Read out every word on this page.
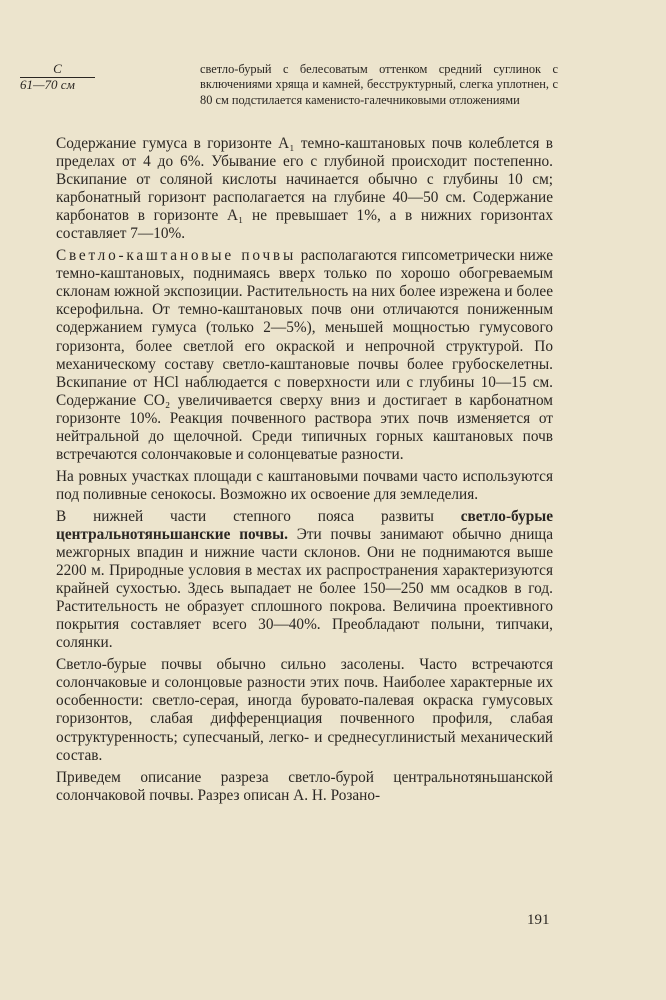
C
61—70 см
светло-бурый с белесоватым оттенком средний суглинок с включениями хряща и камней, бесструктурный, слегка уплотнен, с 80 см подстилается каменисто-галечниковыми отложениями

Содержание гумуса в горизонте A₁ темно-каштановых почв колеблется в пределах от 4 до 6%. Убывание его с глубиной происходит постепенно. Вскипание от соляной кислоты начинается обычно с глубины 10 см; карбонатный горизонт располагается на глубине 40—50 см. Содержание карбонатов в горизонте A₁ не превышает 1%, а в нижних горизонтах составляет 7—10%.

Светло-каштановые почвы располагаются гипсометрически ниже темно-каштановых, поднимаясь вверх только по хорошо обогреваемым склонам южной экспозиции. Растительность на них более изрежена и более ксерофильна. От темно-каштановых почв они отличаются пониженным содержанием гумуса (только 2—5%), меньшей мощностью гумусового горизонта, более светлой его окраской и непрочной структурой. По механическому составу светло-каштановые почвы более грубоскелетны. Вскипание от HCl наблюдается с поверхности или с глубины 10—15 см. Содержание CO₂ увеличивается сверху вниз и достигает в карбонатном горизонте 10%. Реакция почвенного раствора этих почв изменяется от нейтральной до щелочной. Среди типичных горных каштановых почв встречаются солончаковые и солонцеватые разности.

На ровных участках площади с каштановыми почвами часто используются под поливные сенокосы. Возможно их освоение для земледелия.

В нижней части степного пояса развиты светло-бурые центральнотяньшанские почвы. Эти почвы занимают обычно днища межгорных впадин и нижние части склонов. Они не поднимаются выше 2200 м. Природные условия в местах их распространения характеризуются крайней сухостью. Здесь выпадает не более 150—250 мм осадков в год. Растительность не образует сплошного покрова. Величина проективного покрытия составляет всего 30—40%. Преобладают полыни, типчаки, солянки.

Светло-бурые почвы обычно сильно засолены. Часто встречаются солончаковые и солонцовые разности этих почв. Наиболее характерные их особенности: светло-серая, иногда буровато-палевая окраска гумусовых горизонтов, слабая дифференциация почвенного профиля, слабая оструктуренность; супесчаный, легко- и среднесуглинистый механический состав.

Приведем описание разреза светло-бурой центральнотяньшанской солончаковой почвы. Разрез описан А. Н. Розано-

191
